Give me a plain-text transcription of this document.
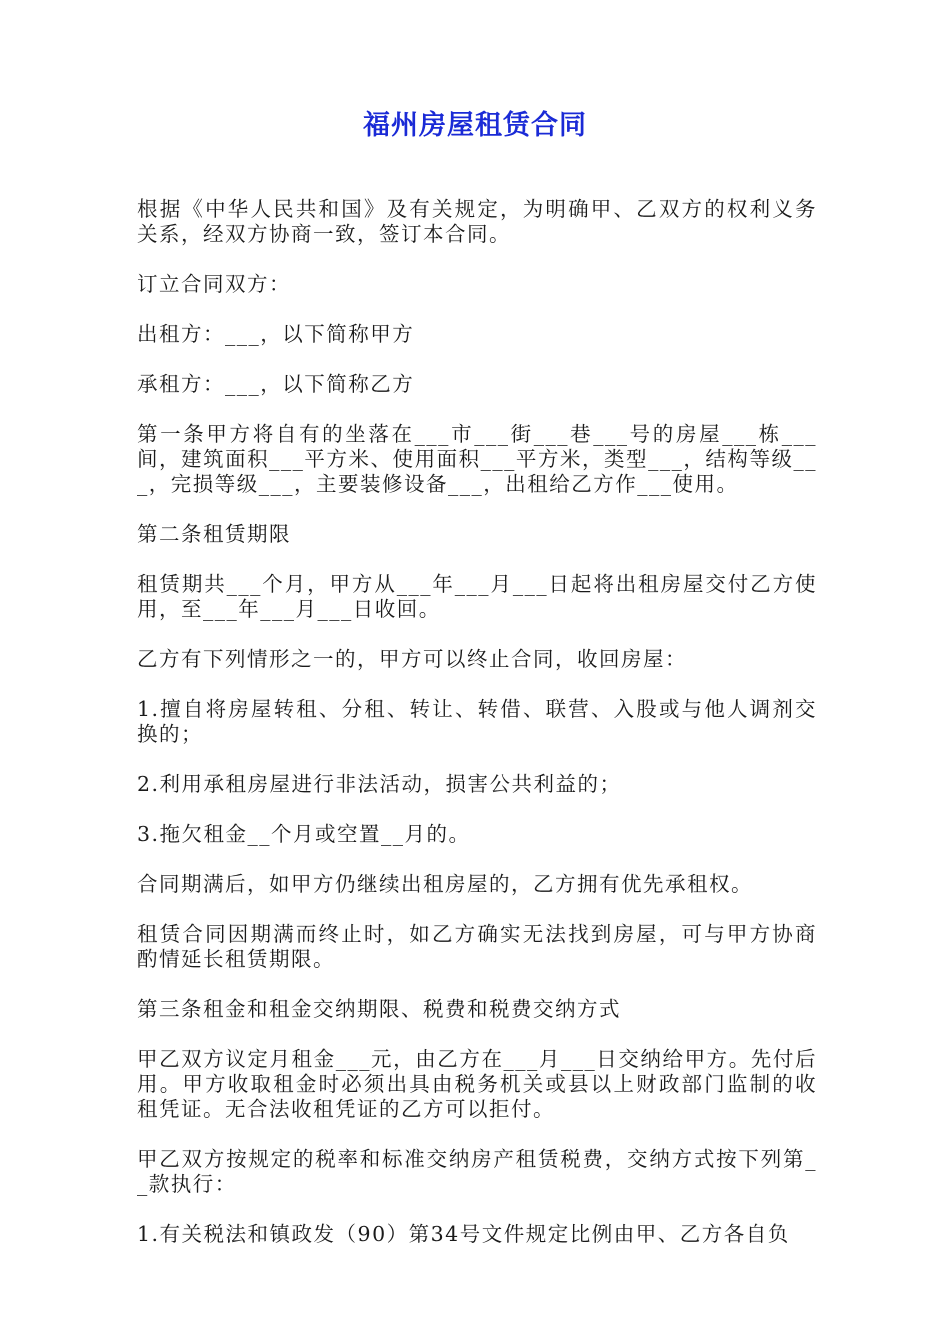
福州房屋租赁合同

根据《中华人民共和国》及有关规定，为明确甲、乙双方的权利义务关系，经双方协商一致，签订本合同。

订立合同双方：

出租方：___，以下简称甲方

承租方：___，以下简称乙方

第一条甲方将自有的坐落在___市___街___巷___号的房屋___栋___间，建筑面积___平方米、使用面积___平方米，类型___，结构等级___，完损等级___，主要装修设备___，出租给乙方作___使用。

第二条租赁期限

租赁期共___个月，甲方从___年___月___日起将出租房屋交付乙方使用，至___年___月___日收回。

乙方有下列情形之一的，甲方可以终止合同，收回房屋：

1.擅自将房屋转租、分租、转让、转借、联营、入股或与他人调剂交换的；

2.利用承租房屋进行非法活动，损害公共利益的；

3.拖欠租金__个月或空置__月的。

合同期满后，如甲方仍继续出租房屋的，乙方拥有优先承租权。

租赁合同因期满而终止时，如乙方确实无法找到房屋，可与甲方协商酌情延长租赁期限。

第三条租金和租金交纳期限、税费和税费交纳方式

甲乙双方议定月租金___元，由乙方在___月___日交纳给甲方。先付后用。甲方收取租金时必须出具由税务机关或县以上财政部门监制的收租凭证。无合法收租凭证的乙方可以拒付。

甲乙双方按规定的税率和标准交纳房产租赁税费，交纳方式按下列第__款执行：

1.有关税法和镇政发（90）第34号文件规定比例由甲、乙方各自负
